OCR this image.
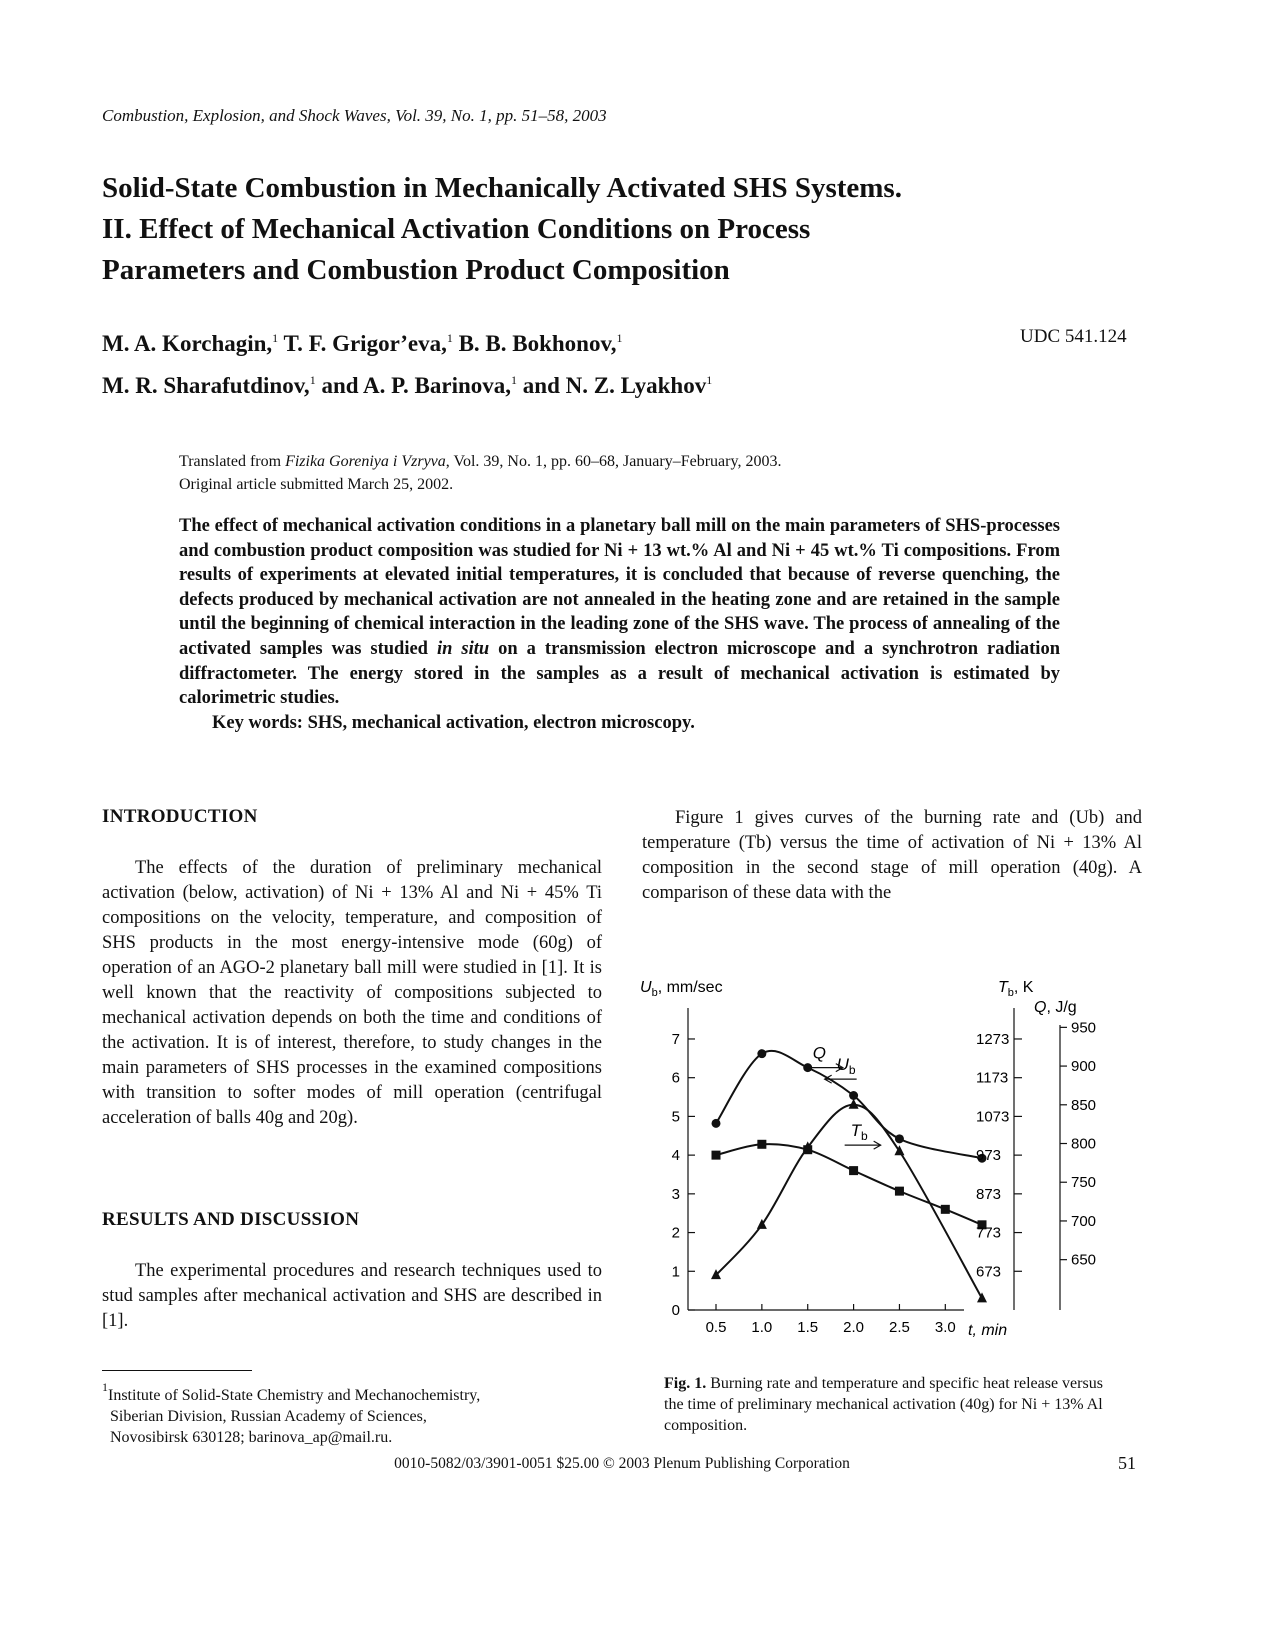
Combustion, Explosion, and Shock Waves, Vol. 39, No. 1, pp. 51–58, 2003
Solid-State Combustion in Mechanically Activated SHS Systems.
II. Effect of Mechanical Activation Conditions on Process
Parameters and Combustion Product Composition
M. A. Korchagin,$^1$ T. F. Grigor’eva,$^1$ B. B. Bokhonov,$^1$
M. R. Sharafutdinov,$^1$ and A. P. Barinova,$^1$ and N. Z. Lyakhov$^1$
UDC 541.124
Translated from Fizika Goreniya i Vzryva, Vol. 39, No. 1, pp. 60–68, January–February, 2003.
Original article submitted March 25, 2002.
The effect of mechanical activation conditions in a planetary ball mill on the main parameters of SHS-processes and combustion product composition was studied for Ni + 13 wt.% Al and Ni + 45 wt.% Ti compositions. From results of experiments at elevated initial temperatures, it is concluded that because of reverse quenching, the defects produced by mechanical activation are not annealed in the heating zone and are retained in the sample until the beginning of chemical interaction in the leading zone of the SHS wave. The process of annealing of the activated samples was studied in situ on a transmission electron microscope and a synchrotron radiation diffractometer. The energy stored in the samples as a result of mechanical activation is estimated by calorimetric studies.
Key words: SHS, mechanical activation, electron microscopy.
INTRODUCTION

The effects of the duration of preliminary mechanical activation (below, activation) of Ni + 13% Al and Ni + 45% Ti compositions on the velocity, temperature, and composition of SHS products in the most energy-intensive mode (60g) of operation of an AGO-2 planetary ball mill were studied in [1]. It is well known that the reactivity of compositions subjected to mechanical activation depends on both the time and conditions of the activation. It is of interest, therefore, to study changes in the main parameters of SHS processes in the examined compositions with transition to softer modes of mill operation (centrifugal acceleration of balls 40g and 20g).

RESULTS AND DISCUSSION

The experimental procedures and research techniques used to stud samples after mechanical activation and SHS are described in [1].

Figure 1 gives curves of the burning rate and (Ub) and temperature (Tb) versus the time of activation of Ni + 13% Al composition in the second stage of mill operation (40g). A comparison of these data with the

$U_b$, mm/sec	$T_b$, K
Q, J/g
t, min
0.5 1.0 1.5 2.0 2.5 3.0
0
1
2
3
4
5
6
7
673
773
873
973
1073
1173
1273
650
700
750
800
850
900
950
Q
$U_b$
$T_b$
$^1$Institute of Solid-State Chemistry and Mechanochemistry,
Siberian Division, Russian Academy of Sciences,
Novosibirsk 630128; barinova_ap@mail.ru.
Fig. 1. Burning rate and temperature and specific heat release versus the time of preliminary mechanical activation (40g) for Ni + 13% Al composition.
0010-5082/03/3901-0051 $25.00 © 2003 Plenum Publishing Corporation	51
